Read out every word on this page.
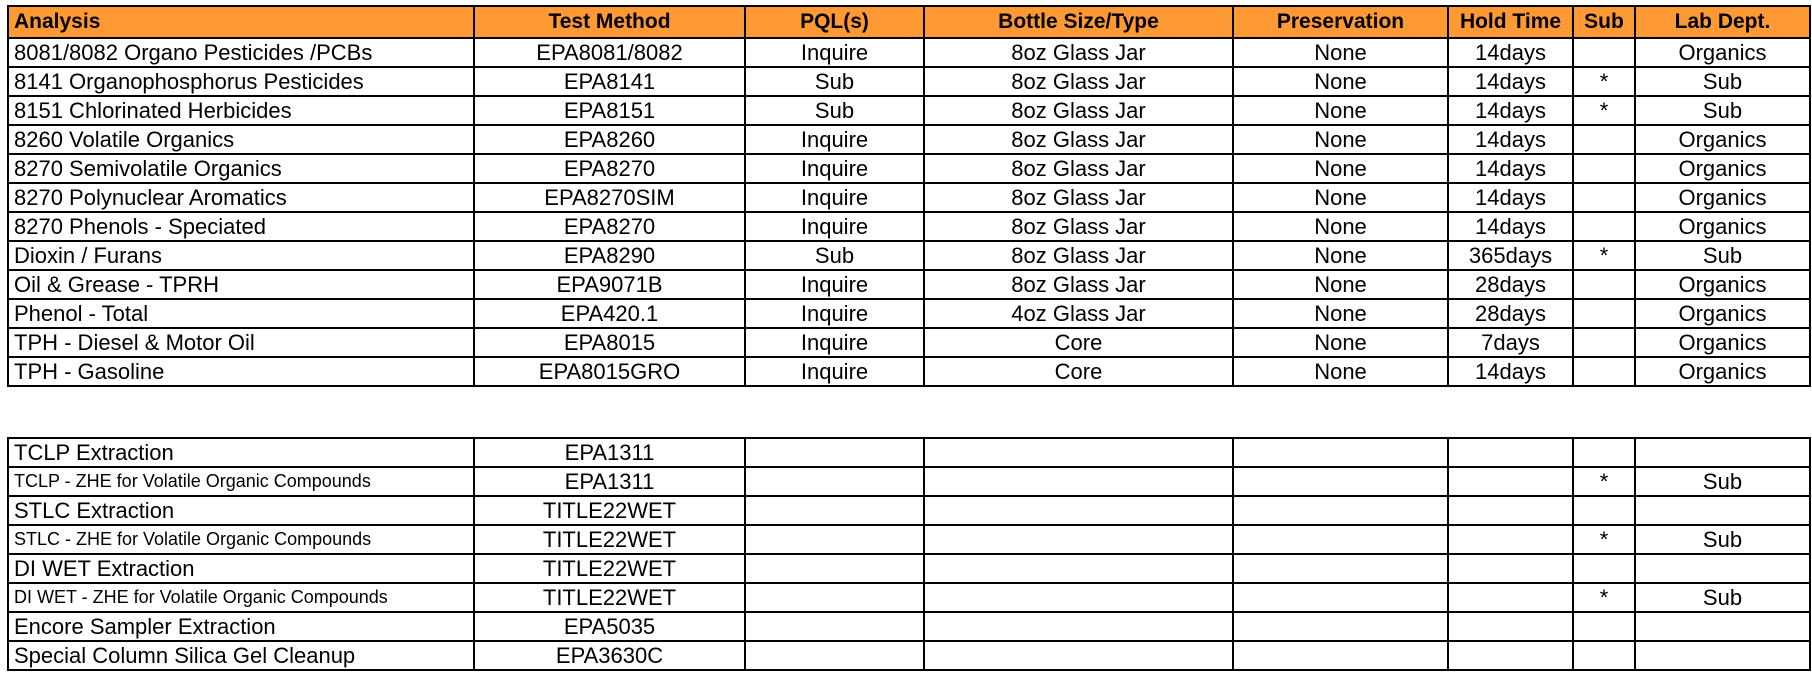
Analysis	Test Method	PQL(s)	Bottle Size/Type	Preservation	Hold Time	Sub	Lab Dept.
8081/8082 Organo Pesticides /PCBs	EPA8081/8082	Inquire	8oz Glass Jar	None	14days		Organics
8141 Organophosphorus Pesticides	EPA8141	Sub	8oz Glass Jar	None	14days	*	Sub
8151 Chlorinated Herbicides	EPA8151	Sub	8oz Glass Jar	None	14days	*	Sub
8260 Volatile Organics	EPA8260	Inquire	8oz Glass Jar	None	14days		Organics
8270 Semivolatile Organics	EPA8270	Inquire	8oz Glass Jar	None	14days		Organics
8270 Polynuclear Aromatics	EPA8270SIM	Inquire	8oz Glass Jar	None	14days		Organics
8270 Phenols - Speciated	EPA8270	Inquire	8oz Glass Jar	None	14days		Organics
Dioxin / Furans	EPA8290	Sub	8oz Glass Jar	None	365days	*	Sub
Oil & Grease - TPRH	EPA9071B	Inquire	8oz Glass Jar	None	28days		Organics
Phenol - Total	EPA420.1	Inquire	4oz Glass Jar	None	28days		Organics
TPH - Diesel & Motor Oil	EPA8015	Inquire	Core	None	7days		Organics
TPH - Gasoline	EPA8015GRO	Inquire	Core	None	14days		Organics
TCLP Extraction	EPA1311						
TCLP - ZHE for Volatile Organic Compounds	EPA1311					*	Sub
STLC Extraction	TITLE22WET						
STLC - ZHE for Volatile Organic Compounds	TITLE22WET					*	Sub
DI WET Extraction	TITLE22WET						
DI WET - ZHE for Volatile Organic Compounds	TITLE22WET					*	Sub
Encore Sampler Extraction	EPA5035						
Special Column Silica Gel Cleanup	EPA3630C						
